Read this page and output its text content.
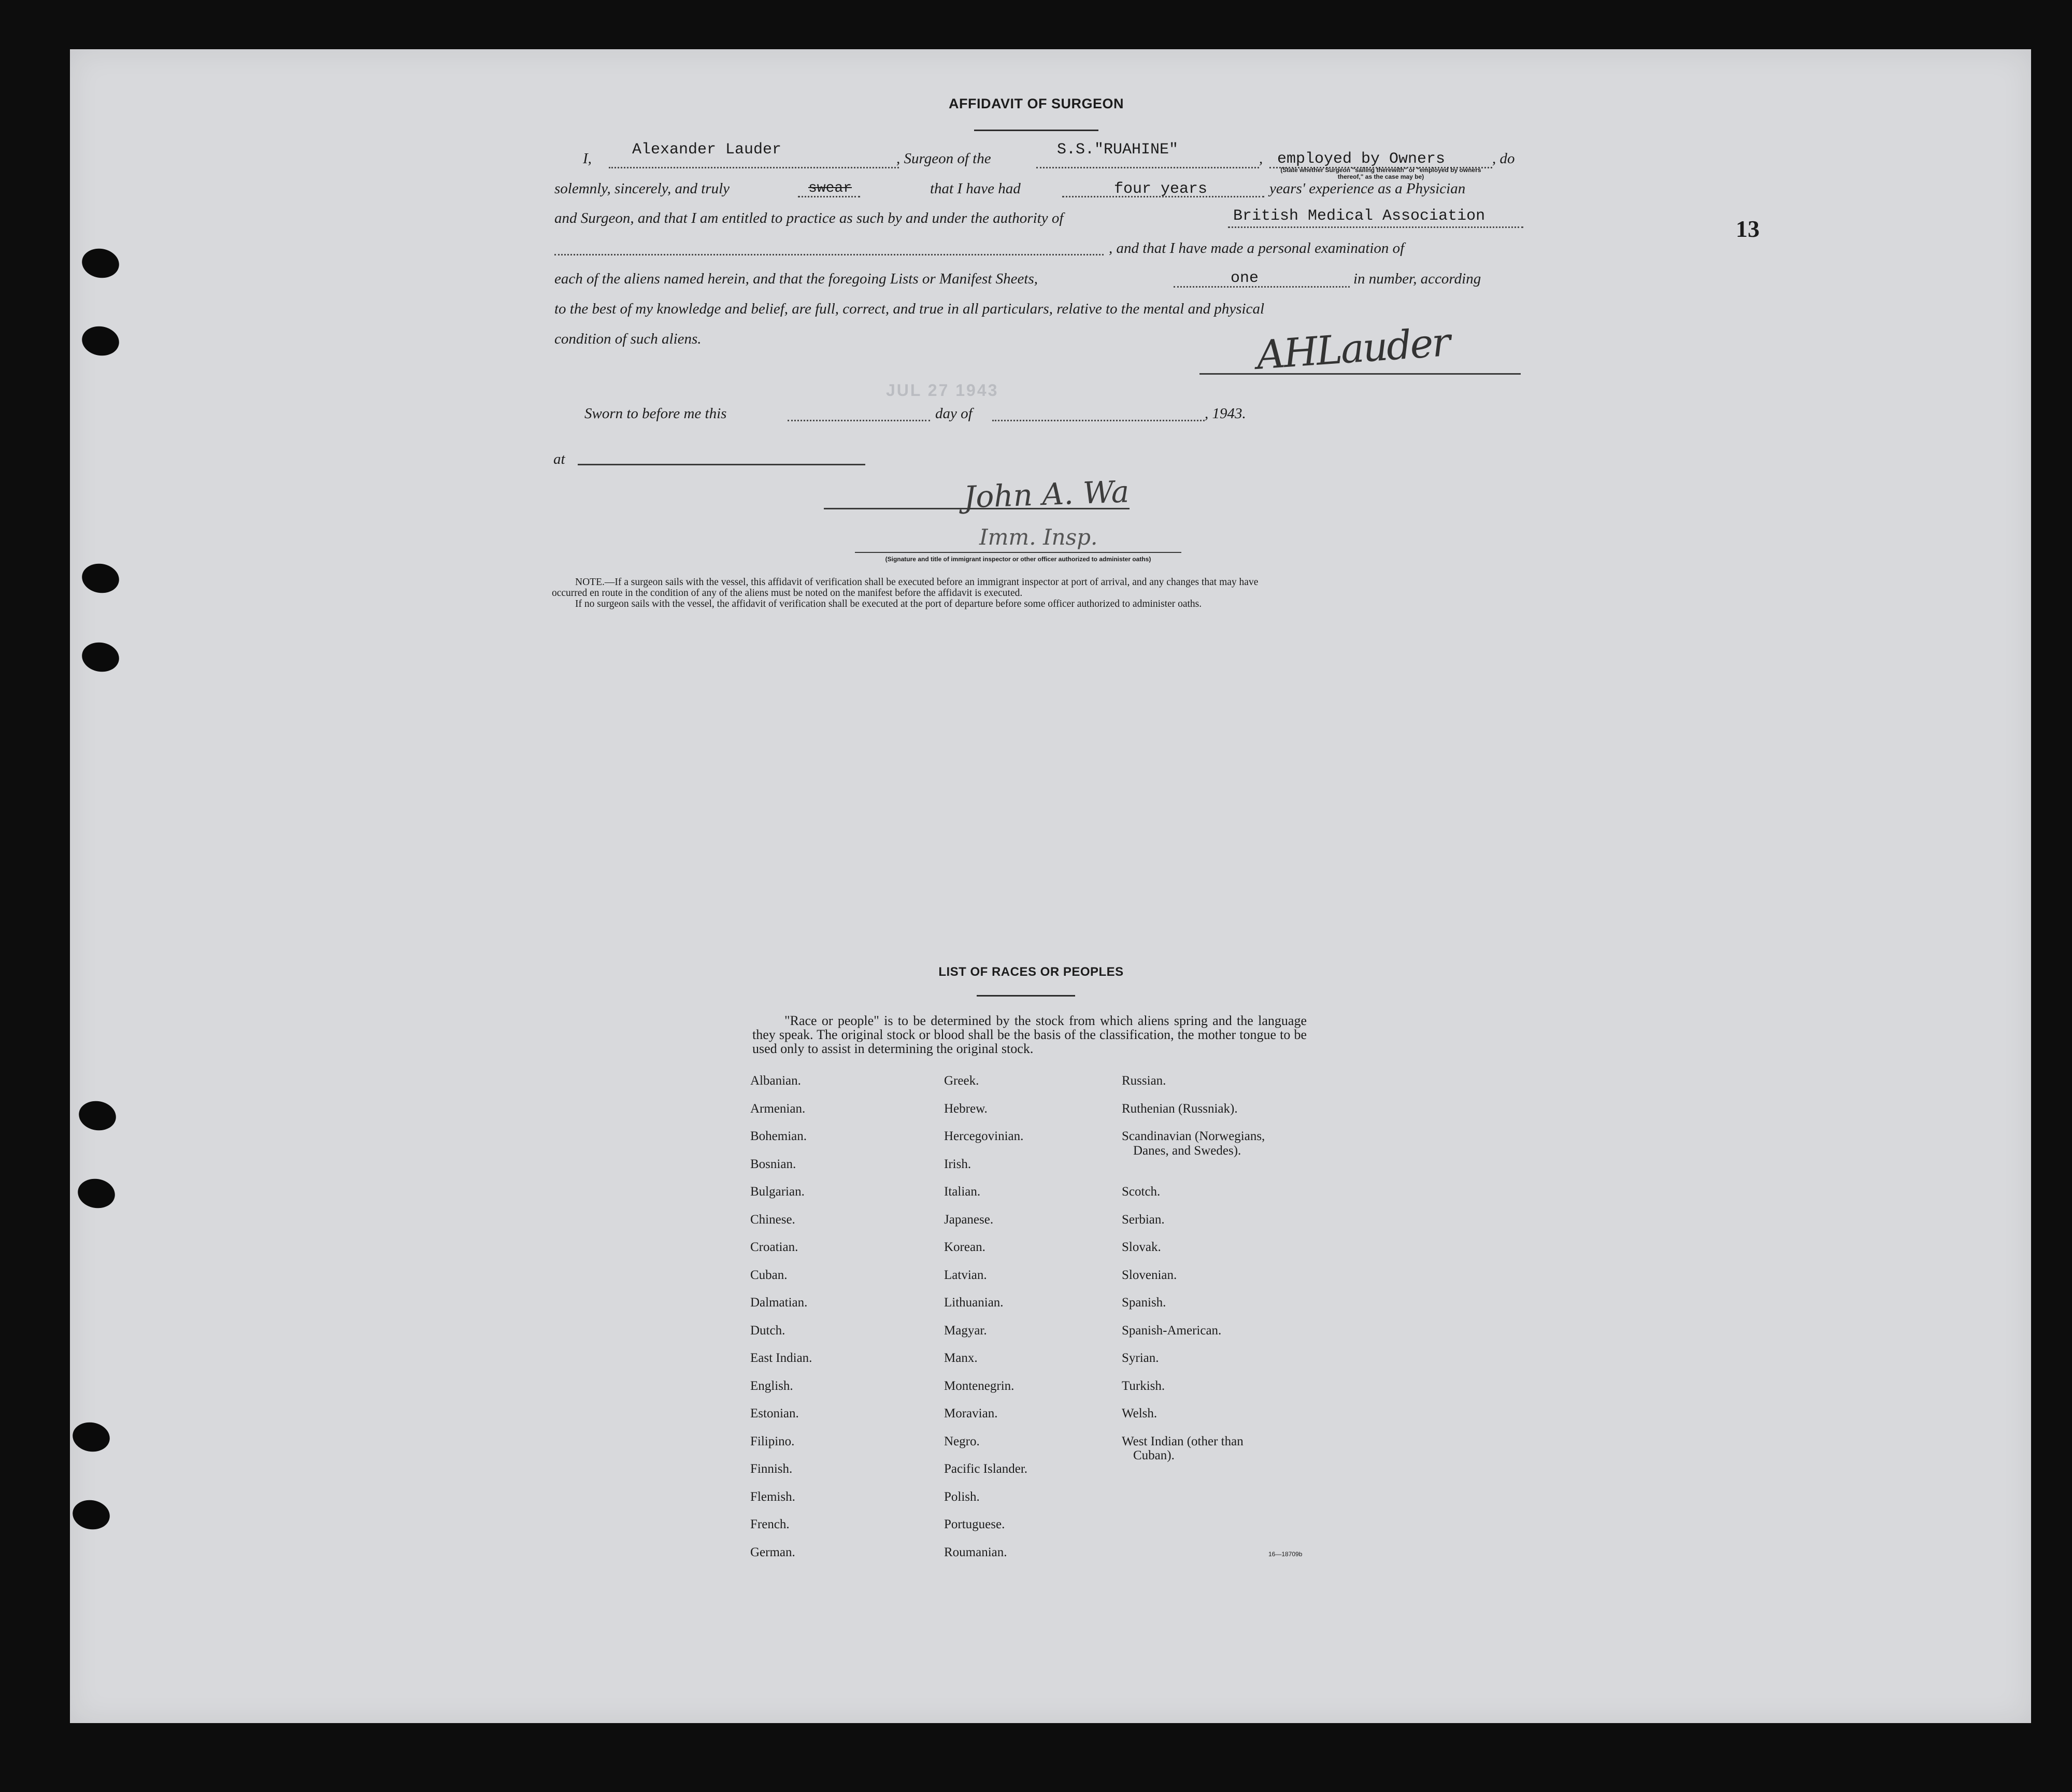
13
AFFIDAVIT OF SURGEON
I,	Alexander Lauder	, Surgeon of the	S.S."RUAHINE"	, employed by Owners
(State whether Surgeon "sailing therewith" or "employed by owners thereof," as the case may be)
, do
solemnly, sincerely, and truly	swear	that I have had	four years	years' experience as a Physician
and Surgeon, and that I am entitled to practice as such by and under the authority of	British Medical Association
, and that I have made a personal examination of
each of the aliens named herein, and that the foregoing Lists or Manifest Sheets,	one	in number, according
to the best of my knowledge and belief, are full, correct, and true in all particulars, relative to the mental and physical
condition of such aliens.	AHLauder
Sworn to before me this
JUL 27 1943
day of	, 1943.
at
John A. Wa
Imm. Insp.
(Signature and title of immigrant inspector or other officer authorized to administer oaths)
NOTE.—If a surgeon sails with the vessel, this affidavit of verification shall be executed before an immigrant inspector at port of arrival, and any changes that may have
occurred en route in the condition of any of the aliens must be noted on the manifest before the affidavit is executed.
If no surgeon sails with the vessel, the affidavit of verification shall be executed at the port of departure before some officer authorized to administer oaths.
LIST OF RACES OR PEOPLES
"Race or people" is to be determined by the stock from which aliens spring and the language they speak. The original stock or blood shall be the basis of the classification, the mother tongue to be used only to assist in determining the original stock.
Albanian.
Armenian.
Bohemian.
Bosnian.
Bulgarian.
Chinese.
Croatian.
Cuban.
Dalmatian.
Dutch.
East Indian.
English.
Estonian.
Filipino.
Finnish.
Flemish.
French.
German.
Greek.
Hebrew.
Hercegovinian.
Irish.
Italian.
Japanese.
Korean.
Latvian.
Lithuanian.
Magyar.
Manx.
Montenegrin.
Moravian.
Negro.
Pacific Islander.
Polish.
Portuguese.
Roumanian.
Russian.
Ruthenian (Russniak).
Scandinavian (Norwegians,
Danes, and Swedes).
Scotch.
Serbian.
Slovak.
Slovenian.
Spanish.
Spanish-American.
Syrian.
Turkish.
Welsh.
West Indian (other than
Cuban).
16—18709b
